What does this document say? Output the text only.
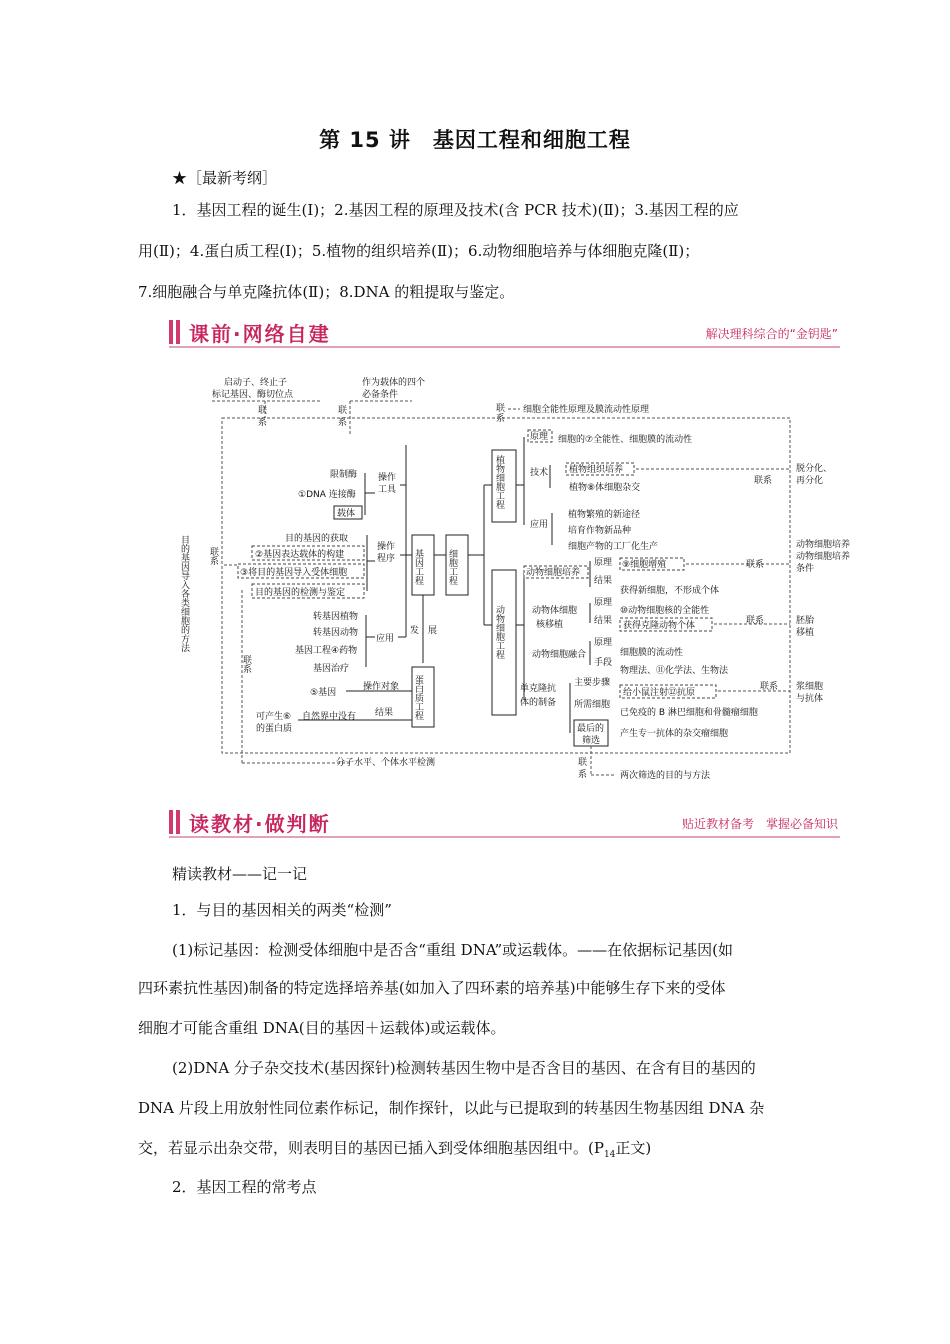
第 15 讲　基因工程和细胞工程
★［最新考纲］
1．基因工程的诞生(Ⅰ)；2.基因工程的原理及技术(含 PCR 技术)(Ⅱ)；3.基因工程的应
用(Ⅱ)；4.蛋白质工程(Ⅰ)；5.植物的组织培养(Ⅱ)；6.动物细胞培养与体细胞克隆(Ⅱ)；
7.细胞融合与单克隆抗体(Ⅱ)；8.DNA 的粗提取与鉴定。
课前·网络自建	解决理科综合的“金钥匙”
启动子、终止子
标记基因、酶切位点
联
系
作为载体的四个
必备条件
联
系
限制酶
①DNA 连接酶
载体
操作
工具
目的基因的获取
②基因表达载体的构建
③将目的基因导入受体细胞
目的基因的检测与鉴定
操作
程序
目的基因导入各类细胞的方法 联系
转基因植物
转基因动物
基因工程④药物
基因治疗
应用
联系
基因工程	细胞工程
发　展
蛋白质工程
⑤基因
操作对象
可产生⑥
的蛋白质
自然界中没有 结果
分子水平、个体水平检测
植物细胞工程
联
系
细胞全能性原理及膜流动性原理
原理 细胞的⑦全能性、细胞膜的流动性
技术 植物组织培养
植物⑧体细胞杂交
联系
脱分化、
再分化
应用
植物繁殖的新途径
培育作物新品种
细胞产物的工厂化生产
动物细胞工程
动物细胞培养
原理 ⑨细胞增殖
结果
获得新细胞，不形成个体
联系
动物细胞培养
动物细胞培养
条件
动物体细胞
核移植
原理
⑩动物细胞核的全能性
结果 获得克隆动物个体	联系	胚胎
移植
动物细胞融合
原理
细胞膜的流动性
手段
物理法、⑪化学法、生物法
单克隆抗
体的制备
主要步骤
所需细胞
最后的
筛选
给小鼠注射⑫抗原
已免疫的 B 淋巴细胞和骨髓瘤细胞
产生专一抗体的杂交瘤细胞
联系 浆细胞
与抗体
联
系	两次筛选的目的与方法
读教材·做判断	贴近教材备考　掌握必备知识
精读教材——记一记
1．与目的基因相关的两类“检测”
(1)标记基因：检测受体细胞中是否含“重组 DNA”或运载体。——在依据标记基因(如
四环素抗性基因)制备的特定选择培养基(如加入了四环素的培养基)中能够生存下来的受体
细胞才可能含重组 DNA(目的基因＋运载体)或运载体。
(2)DNA 分子杂交技术(基因探针)检测转基因生物中是否含目的基因、在含有目的基因的
DNA 片段上用放射性同位素作标记，制作探针，以此与已提取到的转基因生物基因组 DNA 杂
交，若显示出杂交带，则表明目的基因已插入到受体细胞基因组中。($P_{14}$正文)
2．基因工程的常考点
